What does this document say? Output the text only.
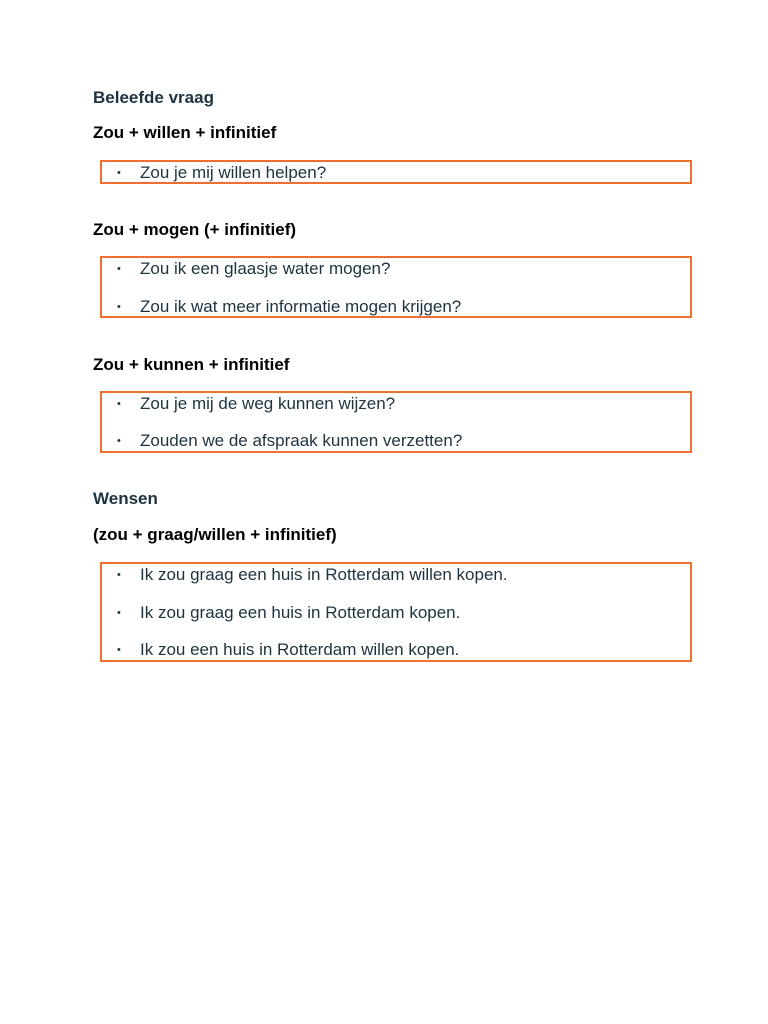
Beleefde vraag
Zou + willen + infinitief
• Zou je mij willen helpen?
Zou + mogen (+ infinitief)
• Zou ik een glaasje water mogen?
• Zou ik wat meer informatie mogen krijgen?
Zou + kunnen + infinitief
• Zou je mij de weg kunnen wijzen?
• Zouden we de afspraak kunnen verzetten?
Wensen
(zou + graag/willen + infinitief)
• Ik zou graag een huis in Rotterdam willen kopen.
• Ik zou graag een huis in Rotterdam kopen.
• Ik zou een huis in Rotterdam willen kopen.
